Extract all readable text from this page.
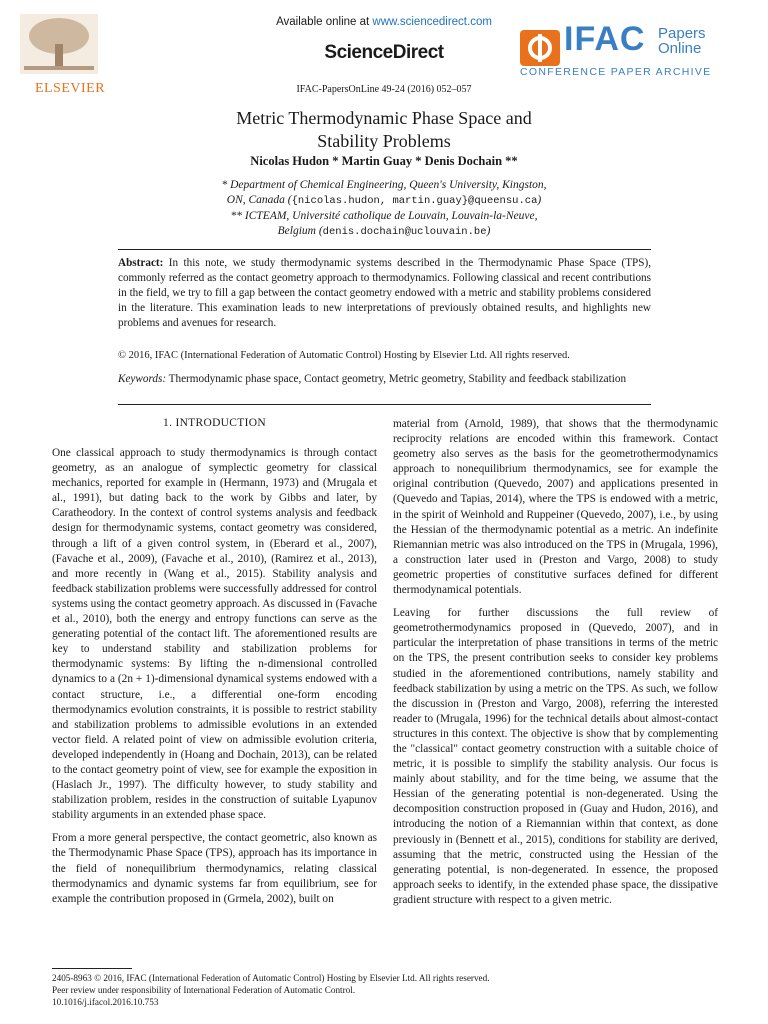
ELSEVIER
Available online at www.sciencedirect.com
ScienceDirect	IFAC Papers
Online
CONFERENCE PAPER ARCHIVE
IFAC-PapersOnLine 49-24 (2016) 052–057
Metric Thermodynamic Phase Space and
Stability Problems
Nicolas Hudon * Martin Guay * Denis Dochain **
* Department of Chemical Engineering, Queen's University, Kingston,
ON, Canada ({nicolas.hudon, martin.guay}@queensu.ca)
** ICTEAM, Université catholique de Louvain, Louvain-la-Neuve,
Belgium (denis.dochain@uclouvain.be)
Abstract: In this note, we study thermodynamic systems described in the Thermodynamic Phase Space (TPS), commonly referred as the contact geometry approach to thermodynamics. Following classical and recent contributions in the field, we try to fill a gap between the contact geometry endowed with a metric and stability problems considered in the literature. This examination leads to new interpretations of previously obtained results, and highlights new problems and avenues for research.
© 2016, IFAC (International Federation of Automatic Control) Hosting by Elsevier Ltd. All rights reserved.
Keywords: Thermodynamic phase space, Contact geometry, Metric geometry, Stability and feedback stabilization
1. INTRODUCTION

One classical approach to study thermodynamics is through contact geometry, as an analogue of symplectic geometry for classical mechanics, reported for example in (Hermann, 1973) and (Mrugala et al., 1991), but dating back to the work by Gibbs and later, by Caratheodory. In the context of control systems analysis and feedback design for thermodynamic systems, contact geometry was considered, through a lift of a given control system, in (Eberard et al., 2007), (Favache et al., 2009), (Favache et al., 2010), (Ramirez et al., 2013), and more recently in (Wang et al., 2015). Stability analysis and feedback stabilization problems were successfully addressed for control systems using the contact geometry approach. As discussed in (Favache et al., 2010), both the energy and entropy functions can serve as the generating potential of the contact lift. The aforementioned results are key to understand stability and stabilization problems for thermodynamic systems: By lifting the n-dimensional controlled dynamics to a (2n + 1)-dimensional dynamical systems endowed with a contact structure, i.e., a differential one-form encoding thermodynamics evolution constraints, it is possible to restrict stability and stabilization problems to admissible evolutions in an extended vector field. A related point of view on admissible evolution criteria, developed independently in (Hoang and Dochain, 2013), can be related to the contact geometry point of view, see for example the exposition in (Haslach Jr., 1997). The difficulty however, to study stability and stabilization problem, resides in the construction of suitable Lyapunov stability arguments in an extended phase space.

From a more general perspective, the contact geometric, also known as the Thermodynamic Phase Space (TPS), approach has its importance in the field of nonequilibrium thermodynamics, relating classical thermodynamics and dynamic systems far from equilibrium, see for example the contribution proposed in (Grmela, 2002), built on

material from (Arnold, 1989), that shows that the thermodynamic reciprocity relations are encoded within this framework. Contact geometry also serves as the basis for the geometrothermodynamics approach to nonequilibrium thermodynamics, see for example the original contribution (Quevedo, 2007) and applications presented in (Quevedo and Tapias, 2014), where the TPS is endowed with a metric, in the spirit of Weinhold and Ruppeiner (Quevedo, 2007), i.e., by using the Hessian of the thermodynamic potential as a metric. An indefinite Riemannian metric was also introduced on the TPS in (Mrugala, 1996), a construction later used in (Preston and Vargo, 2008) to study geometric properties of constitutive surfaces defined for different thermodynamical potentials.

Leaving for further discussions the full review of geometrothermodynamics proposed in (Quevedo, 2007), and in particular the interpretation of phase transitions in terms of the metric on the TPS, the present contribution seeks to consider key problems studied in the aforementioned contributions, namely stability and feedback stabilization by using a metric on the TPS. As such, we follow the discussion in (Preston and Vargo, 2008), referring the interested reader to (Mrugala, 1996) for the technical details about almost-contact structures in this context. The objective is show that by complementing the "classical" contact geometry construction with a suitable choice of metric, it is possible to simplify the stability analysis. Our focus is mainly about stability, and for the time being, we assume that the Hessian of the generating potential is non-degenerated. Using the decomposition construction proposed in (Guay and Hudon, 2016), and introducing the notion of a Riemannian within that context, as done previously in (Bennett et al., 2015), conditions for stability are derived, assuming that the metric, constructed using the Hessian of the generating potential, is non-degenerated. In essence, the proposed approach seeks to identify, in the extended phase space, the dissipative gradient structure with respect to a given metric.

2405-8963 © 2016, IFAC (International Federation of Automatic Control) Hosting by Elsevier Ltd. All rights reserved.
Peer review under responsibility of International Federation of Automatic Control.
10.1016/j.ifacol.2016.10.753
